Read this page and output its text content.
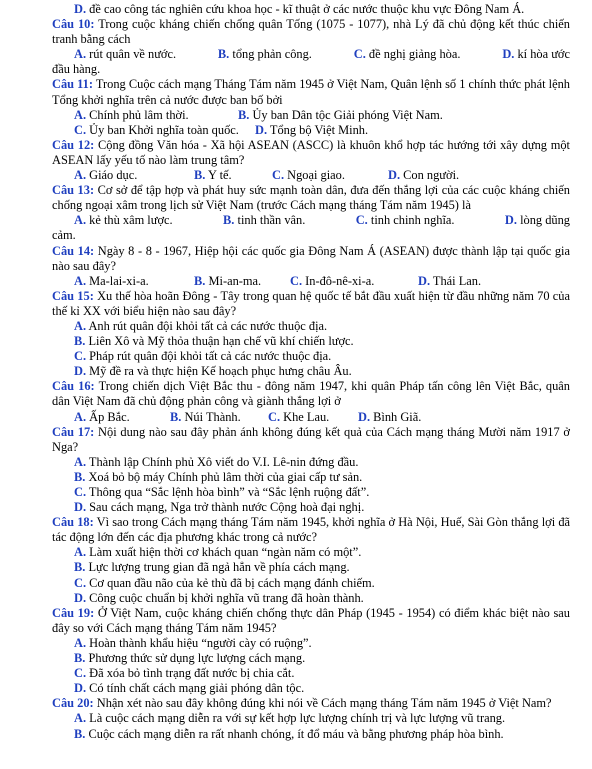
D. đề cao công tác nghiên cứu khoa học - kĩ thuật ở các nước thuộc khu vực Đông Nam Á.
Câu 10: Trong cuộc kháng chiến chống quân Tống (1075 - 1077), nhà Lý đã chủ động kết thúc chiến tranh bằng cách
A. rút quân về nước.	B. tổng phản công.	C. đề nghị giảng hòa.	D. kí hòa ước
đầu hàng.
Câu 11: Trong Cuộc cách mạng Tháng Tám năm 1945 ở Việt Nam, Quân lệnh số 1 chính thức phát lệnh Tổng khởi nghĩa trên cả nước được ban bố bởi
A. Chính phủ lâm thời.	B. Ủy ban Dân tộc Giải phóng Việt Nam.
C. Ủy ban Khởi nghĩa toàn quốc.	D. Tổng bộ Việt Minh.
Câu 12: Cộng đồng Văn hóa - Xã hội ASEAN (ASCC) là khuôn khổ hợp tác hướng tới xây dựng một ASEAN lấy yếu tố nào làm trung tâm?
A. Giáo dục.	B. Y tế.	C. Ngoại giao.	D. Con người.
Câu 13: Cơ sở để tập hợp và phát huy sức mạnh toàn dân, đưa đến thắng lợi của các cuộc kháng chiến chống ngoại xâm trong lịch sử Việt Nam (trước Cách mạng tháng Tám năm 1945) là
A. kẻ thù xâm lược.	B. tinh thần vân.	C. tinh chinh nghĩa.	D. lòng dũng
cảm.
Câu 14: Ngày 8 - 8 - 1967, Hiệp hội các quốc gia Đông Nam Á (ASEAN) được thành lập tại quốc gia nào sau đây?
A. Ma-lai-xi-a.	B. Mi-an-ma.	C. In-đô-nê-xi-a.	D. Thái Lan.
Câu 15: Xu thế hòa hoãn Đông - Tây trong quan hệ quốc tế bắt đầu xuất hiện từ đầu những năm 70 của thế kỉ XX với biểu hiện nào sau đây?
A. Anh rút quân đội khỏi tất cả các nước thuộc địa.
B. Liên Xô và Mỹ thỏa thuận hạn chế vũ khí chiến lược.
C. Pháp rút quân đội khỏi tất cả các nước thuộc địa.
D. Mỹ đề ra và thực hiện Kế hoạch phục hưng châu Âu.
Câu 16: Trong chiến dịch Việt Bắc thu - đông năm 1947, khi quân Pháp tấn công lên Việt Bắc, quân dân Việt Nam đã chủ động phản công và giành thắng lợi ở
A. Ấp Bắc.	B. Núi Thành.	C. Khe Lau.	D. Bình Giã.
Câu 17: Nội dung nào sau đây phản ánh không đúng kết quả của Cách mạng tháng Mười năm 1917 ở Nga?
A. Thành lập Chính phủ Xô viết do V.I. Lê-nin đứng đầu.
B. Xoá bỏ bộ máy Chính phủ lâm thời của giai cấp tư sản.
C. Thông qua “Sắc lệnh hòa bình” và “Sắc lệnh ruộng đất”.
D. Sau cách mạng, Nga trở thành nước Cộng hoà đại nghị.
Câu 18: Vì sao trong Cách mạng tháng Tám năm 1945, khởi nghĩa ở Hà Nội, Huế, Sài Gòn thắng lợi đã tác động lớn đến các địa phương khác trong cả nước?
A. Làm xuất hiện thời cơ khách quan “ngàn năm có một”.
B. Lực lượng trung gian đã ngả hẳn về phía cách mạng.
C. Cơ quan đầu não của kẻ thù đã bị cách mạng đánh chiếm.
D. Công cuộc chuẩn bị khởi nghĩa vũ trang đã hoàn thành.
Câu 19: Ở Việt Nam, cuộc kháng chiến chống thực dân Pháp (1945 - 1954) có điểm khác biệt nào sau đây so với Cách mạng tháng Tám năm 1945?
A. Hoàn thành khẩu hiệu “người cày có ruộng”.
B. Phương thức sử dụng lực lượng cách mạng.
C. Đã xóa bỏ tình trạng đất nước bị chia cắt.
D. Có tính chất cách mạng giải phóng dân tộc.
Câu 20: Nhận xét nào sau đây không đúng khi nói về Cách mạng tháng Tám năm 1945 ở Việt Nam?
A. Là cuộc cách mạng diễn ra với sự kết hợp lực lượng chính trị và lực lượng vũ trang.
B. Cuộc cách mạng diễn ra rất nhanh chóng, ít đổ máu và bằng phương pháp hòa bình.
